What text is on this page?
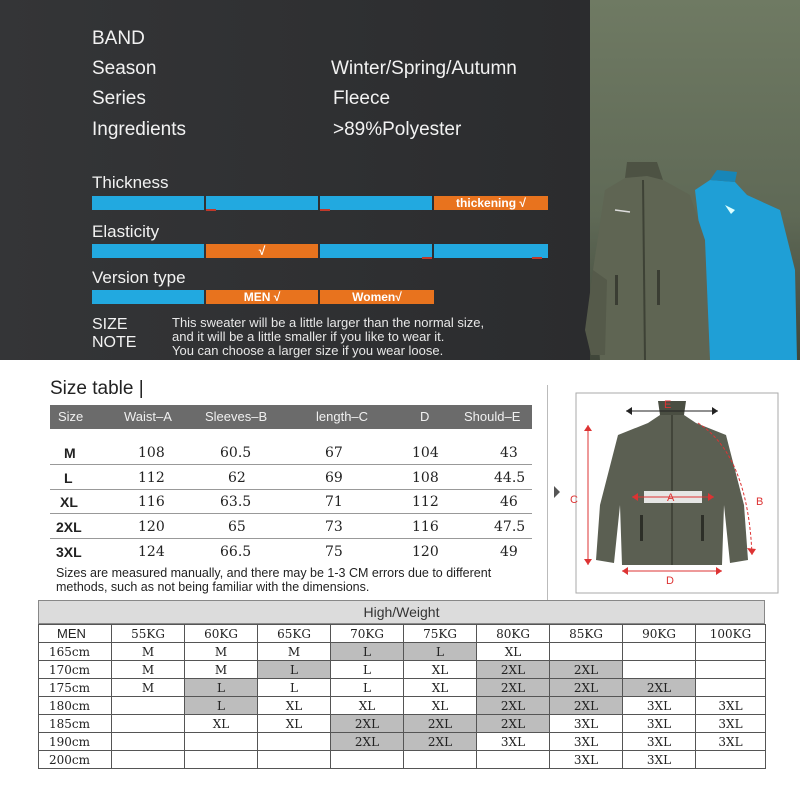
BAND
Season	Winter/Spring/Autumn
Series	Fleece
Ingredients	>89%Polyester
Thickness
thickening √
Elasticity
√
Version type
MEN √	Women√
SIZE
NOTE
This sweater will be a little larger than the normal size,
and it will be a little smaller if you like to wear it.
You can choose a larger size if you wear loose.
Size table |
Size	Waist–A	Sleeves–B	length–C	D	Should–E
M	108	60.5	67	104	43
L	112	62	69	108	44.5
XL	116	63.5	71	112	46
2XL	120	65	73	116	47.5
3XL	124	66.5	75	120	49
Sizes are measured manually, and there may be 1-3 CM errors due to different methods, such as not being familiar with the dimensions.
E
A
D
C	B
High/Weight
MEN	55KG	60KG	65KG	70KG	75KG	80KG	85KG	90KG	100KG
165cm	M	M	M	L	L	XL			
170cm	M	M	L	L	XL	2XL	2XL		
175cm	M	L	L	L	XL	2XL	2XL	2XL	
180cm		L	XL	XL	XL	2XL	2XL	3XL	3XL
185cm		XL	XL	2XL	2XL	2XL	3XL	3XL	3XL
190cm				2XL	2XL	3XL	3XL	3XL	3XL
200cm							3XL	3XL	
